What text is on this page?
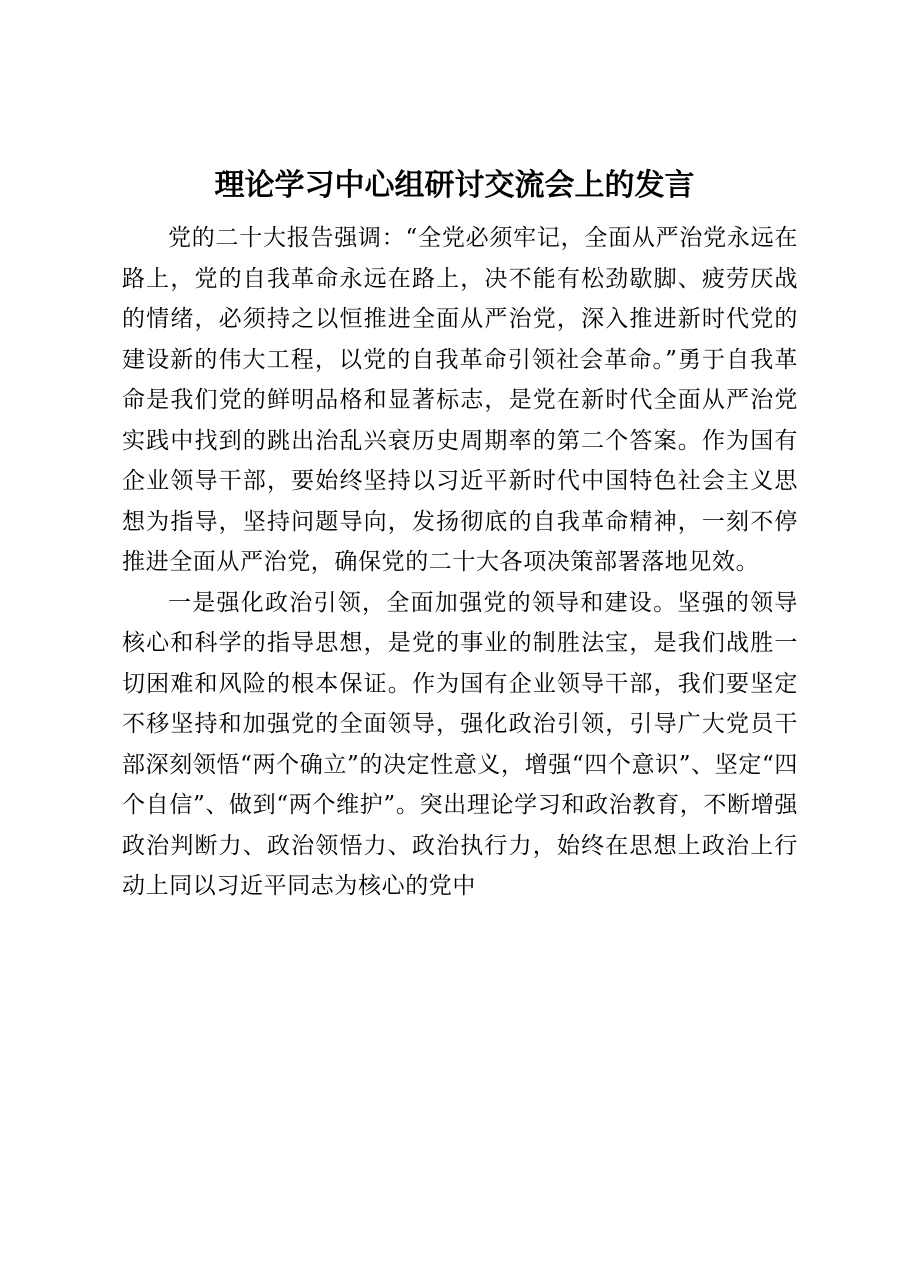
理论学习中心组研讨交流会上的发言

党的二十大报告强调：“全党必须牢记，全面从严治党永远在路上，党的自我革命永远在路上，决不能有松劲歇脚、疲劳厌战的情绪，必须持之以恒推进全面从严治党，深入推进新时代党的建设新的伟大工程，以党的自我革命引领社会革命。”勇于自我革命是我们党的鲜明品格和显著标志，是党在新时代全面从严治党实践中找到的跳出治乱兴衰历史周期率的第二个答案。作为国有企业领导干部，要始终坚持以习近平新时代中国特色社会主义思想为指导，坚持问题导向，发扬彻底的自我革命精神，一刻不停推进全面从严治党，确保党的二十大各项决策部署落地见效。

一是强化政治引领，全面加强党的领导和建设。坚强的领导核心和科学的指导思想，是党的事业的制胜法宝，是我们战胜一切困难和风险的根本保证。作为国有企业领导干部，我们要坚定不移坚持和加强党的全面领导，强化政治引领，引导广大党员干部深刻领悟“两个确立”的决定性意义，增强“四个意识”、坚定“四个自信”、做到“两个维护”。突出理论学习和政治教育，不断增强政治判断力、政治领悟力、政治执行力，始终在思想上政治上行动上同以习近平同志为核心的党中
